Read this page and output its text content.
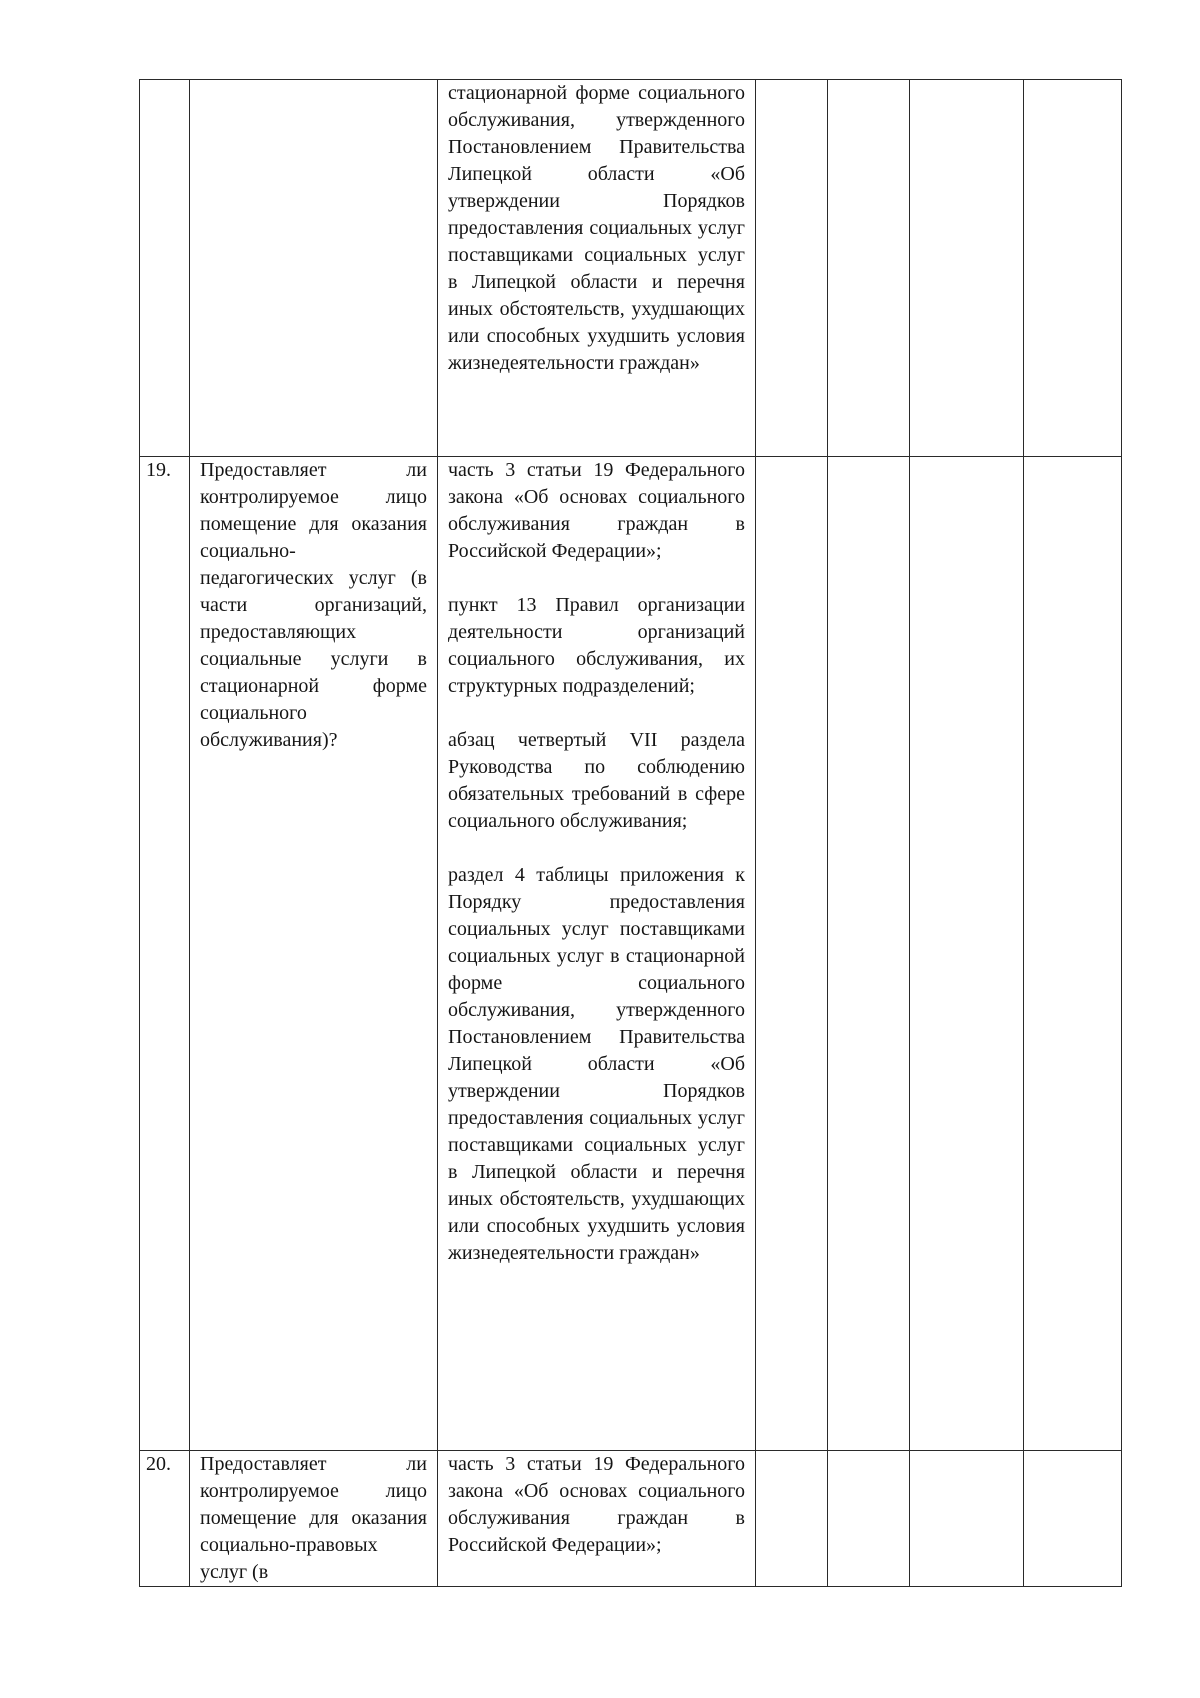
		стационарной форме социального обслуживания, утвержденного Постановлением Правительства Липецкой области «Об утверждении Порядков предоставления социальных услуг поставщиками социальных услуг в Липецкой области и перечня иных обстоятельств, ухудшающих или способных ухудшить условия жизнедеятельности граждан»				

19.	Предоставляет ли контролируемое лицо помещение для оказания социально-педагогических услуг (в части организаций, предоставляющих социальные услуги в стационарной форме социального обслуживания)?	часть 3 статьи 19 Федерального закона «Об основах социального обслуживания граждан в Российской Федерации»;

пункт 13 Правил организации деятельности организаций социального обслуживания, их структурных подразделений;

абзац четвертый VII раздела Руководства по соблюдению обязательных требований в сфере социального обслуживания;

раздел 4 таблицы приложения к Порядку предоставления социальных услуг поставщиками социальных услуг в стационарной форме социального обслуживания, утвержденного Постановлением Правительства Липецкой области «Об утверждении Порядков предоставления социальных услуг поставщиками социальных услуг в Липецкой области и перечня иных обстоятельств, ухудшающих или способных ухудшить условия жизнедеятельности граждан»				

20.	Предоставляет ли контролируемое лицо помещение для оказания социально-правовых услуг (в	часть 3 статьи 19 Федерального закона «Об основах социального обслуживания граждан в Российской Федерации»;				
